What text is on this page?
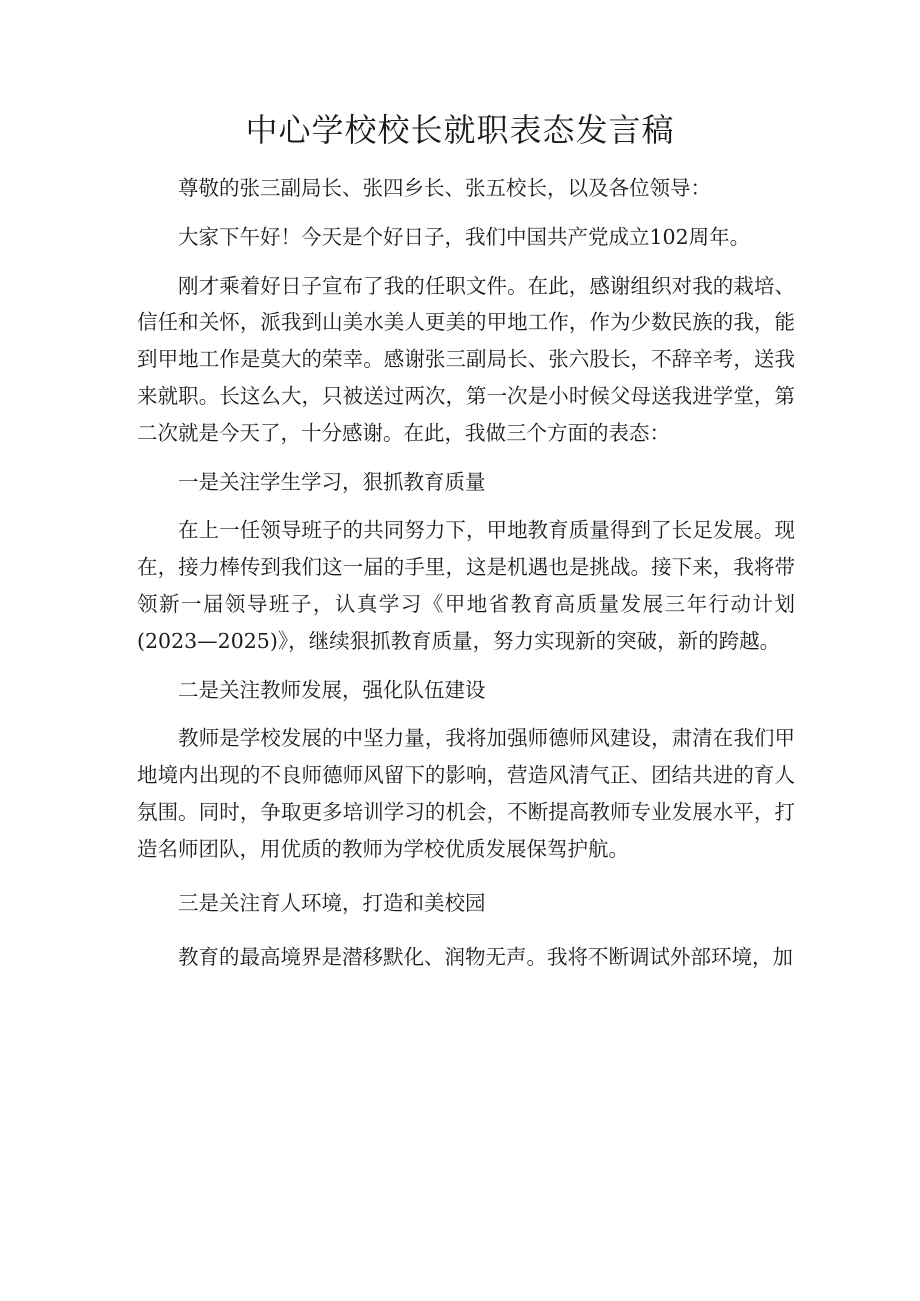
中心学校校长就职表态发言稿

尊敬的张三副局长、张四乡长、张五校长，以及各位领导：

大家下午好！今天是个好日子，我们中国共产党成立102周年。

刚才乘着好日子宣布了我的任职文件。在此，感谢组织对我的栽培、信任和关怀，派我到山美水美人更美的甲地工作，作为少数民族的我，能到甲地工作是莫大的荣幸。感谢张三副局长、张六股长，不辞辛考，送我来就职。长这么大，只被送过两次，第一次是小时候父母送我进学堂，第二次就是今天了，十分感谢。在此，我做三个方面的表态：

一是关注学生学习，狠抓教育质量

在上一任领导班子的共同努力下，甲地教育质量得到了长足发展。现在，接力棒传到我们这一届的手里，这是机遇也是挑战。接下来，我将带领新一届领导班子，认真学习《甲地省教育高质量发展三年行动计划(2023—2025)》，继续狠抓教育质量，努力实现新的突破，新的跨越。

二是关注教师发展，强化队伍建设

教师是学校发展的中坚力量，我将加强师德师风建设，肃清在我们甲地境内出现的不良师德师风留下的影响，营造风清气正、团结共进的育人氛围。同时，争取更多培训学习的机会，不断提高教师专业发展水平，打造名师团队，用优质的教师为学校优质发展保驾护航。

三是关注育人环境，打造和美校园

教育的最高境界是潜移默化、润物无声。我将不断调试外部环境，加
